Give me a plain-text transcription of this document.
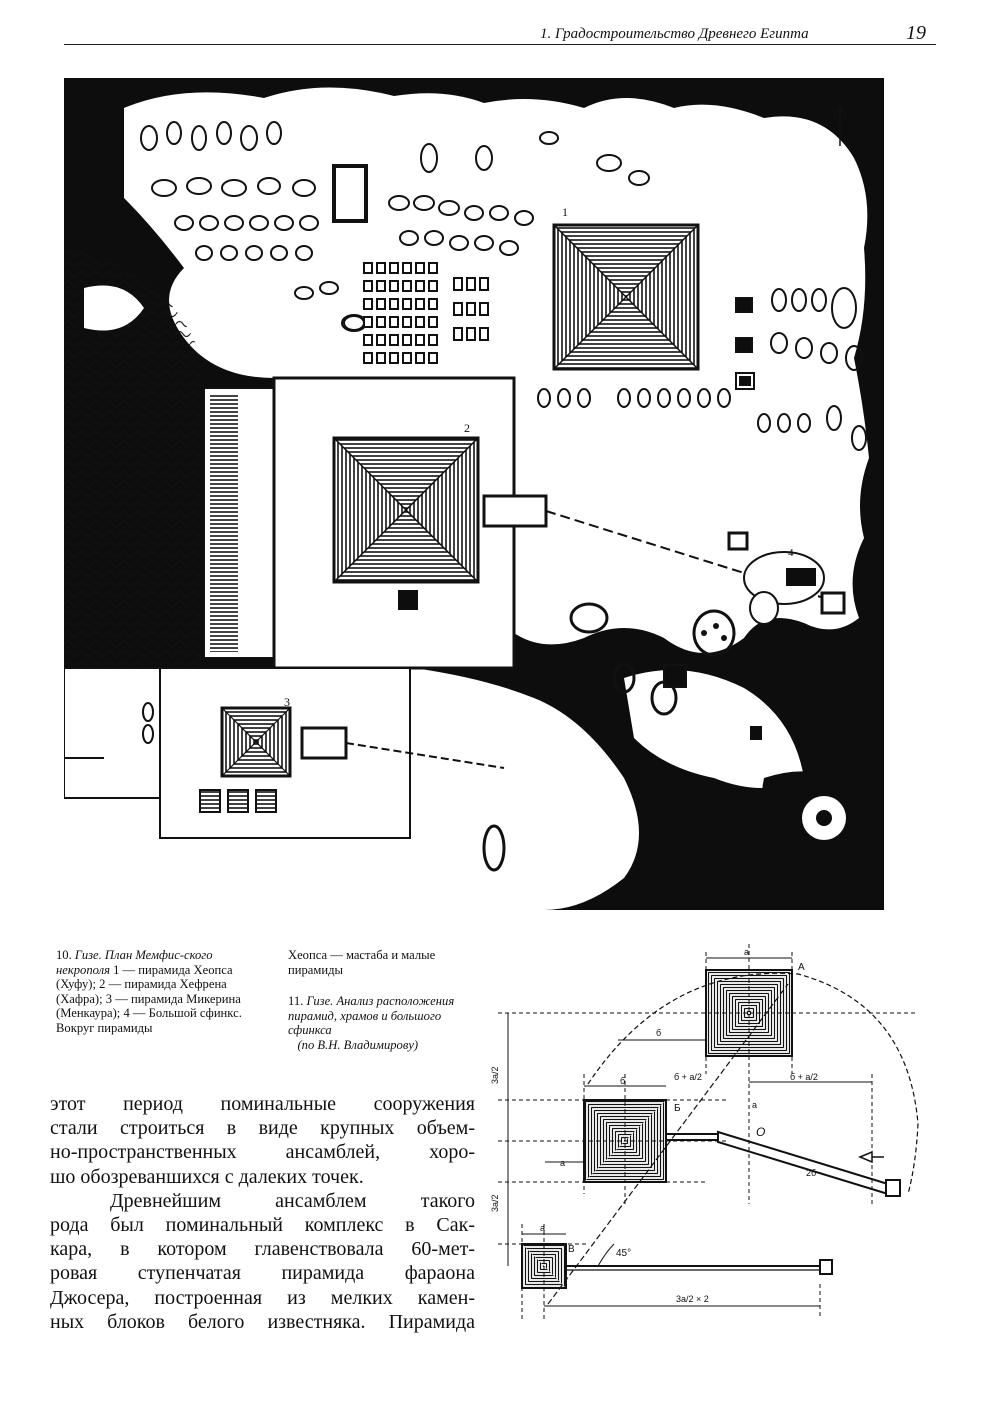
1. Градостроительство Древнего Египта	19
1
2
4
3
10. Гизе. План Мемфис-ского некрополя 1 — пирамида Хеопса (Хуфу); 2 — пирамида Хефрена (Хафра); 3 — пирамида Микерина (Менкаура); 4 — Большой сфинкс. Вокруг пирамиды
Хеопса — мастаба и малые пирамиды
11. Гизе. Анализ расположения пирамид, храмов и большого сфинкса
(по В.Н. Владимирову)
этот период поминальные сооружения
стали строиться в виде крупных объем-
но-пространственных ансамблей, хоро-
шо обозреваншихся с далеких точек.
Древнейшим ансамблем такого
рода был поминальный комплекс в Сак-
кара, в котором главенствовала 60-мет-
ровая ступенчатая пирамида фараона
Джосера, построенная из мелких камен-
ных блоков белого известняка. Пирамида
A
Б
В	45°
a
б
б + a/2	б + a/2
б
a
O
a
2б
3a/2
3a/2
a
3a/2 × 2
